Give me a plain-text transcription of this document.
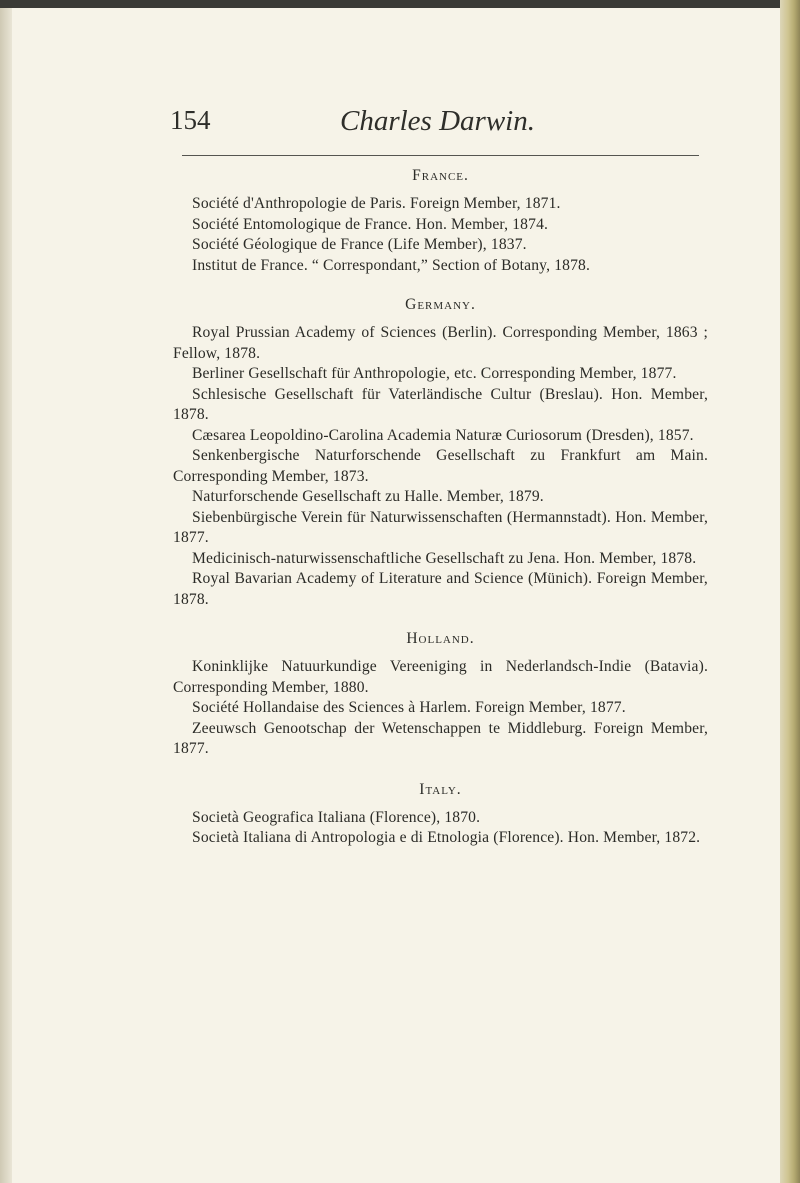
154	Charles Darwin.
France.

Société d'Anthropologie de Paris. Foreign Member, 1871.

Société Entomologique de France. Hon. Member, 1874.

Société Géologique de France (Life Member), 1837.

Institut de France. “ Correspondant,” Section of Botany, 1878.

Germany.

Royal Prussian Academy of Sciences (Berlin). Corresponding Member, 1863 ; Fellow, 1878.

Berliner Gesellschaft für Anthropologie, etc. Corresponding Member, 1877.

Schlesische Gesellschaft für Vaterländische Cultur (Breslau). Hon. Member, 1878.

Cæsarea Leopoldino-Carolina Academia Naturæ Curiosorum (Dresden), 1857.

Senkenbergische Naturforschende Gesellschaft zu Frankfurt am Main. Corresponding Member, 1873.

Naturforschende Gesellschaft zu Halle. Member, 1879.

Siebenbürgische Verein für Naturwissenschaften (Hermannstadt). Hon. Member, 1877.

Medicinisch-naturwissenschaftliche Gesellschaft zu Jena. Hon. Member, 1878.

Royal Bavarian Academy of Literature and Science (Münich). Foreign Member, 1878.

Holland.

Koninklijke Natuurkundige Vereeniging in Nederlandsch-Indie (Batavia). Corresponding Member, 1880.

Société Hollandaise des Sciences à Harlem. Foreign Member, 1877.

Zeeuwsch Genootschap der Wetenschappen te Middleburg. Foreign Member, 1877.

Italy.

Società Geografica Italiana (Florence), 1870.

Società Italiana di Antropologia e di Etnologia (Florence). Hon. Member, 1872.
